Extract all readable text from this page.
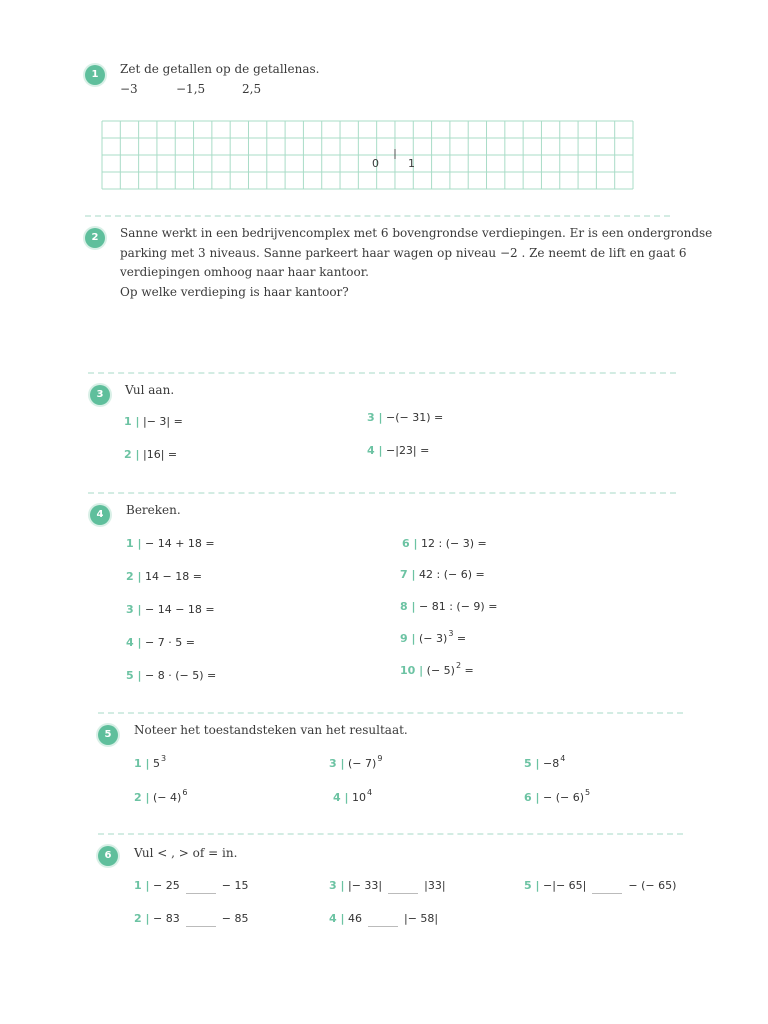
1	Zet de getallen op de getallenas.
−3	−1,5	2,5
0	1
2	Sanne werkt in een bedrijvencomplex met 6 bovengrondse verdiepingen. Er is een ondergrondse parking met 3 niveaus. Sanne parkeert haar wagen op niveau −2 . Ze neemt de lift en gaat 6 verdiepingen omhoog naar haar kantoor.
Op welke verdieping is haar kantoor?
3	Vul aan.
1 | |− 3| =
2 | |16| =
3 | −(− 31) =
4 | −|23| =
4	Bereken.
1 | − 14 + 18 =
2 | 14 − 18 =
3 | − 14 − 18 =
4 | − 7 · 5 =
5 | − 8 · (− 5) =
6 | 12 : (− 3) =
7 | 42 : (− 6) =
8 | − 81 : (− 9) =
9 | (− 3)$^3$ =
10 | (− 5)$^2$ =
5	Noteer het toestandsteken van het resultaat.
1 | $5^3$
2 | (− 4)$^6$
3 | (− 7)$^9$
4 | $10^4$
5 | $-8^4$
6 | − (− 6)$^5$
6	Vul < , > of = in.
1 | − 25	− 15
2 | − 83	− 85
3 | |− 33|	|33|
4 | 46	|− 58|
5 | −|− 65|	− (− 65)
